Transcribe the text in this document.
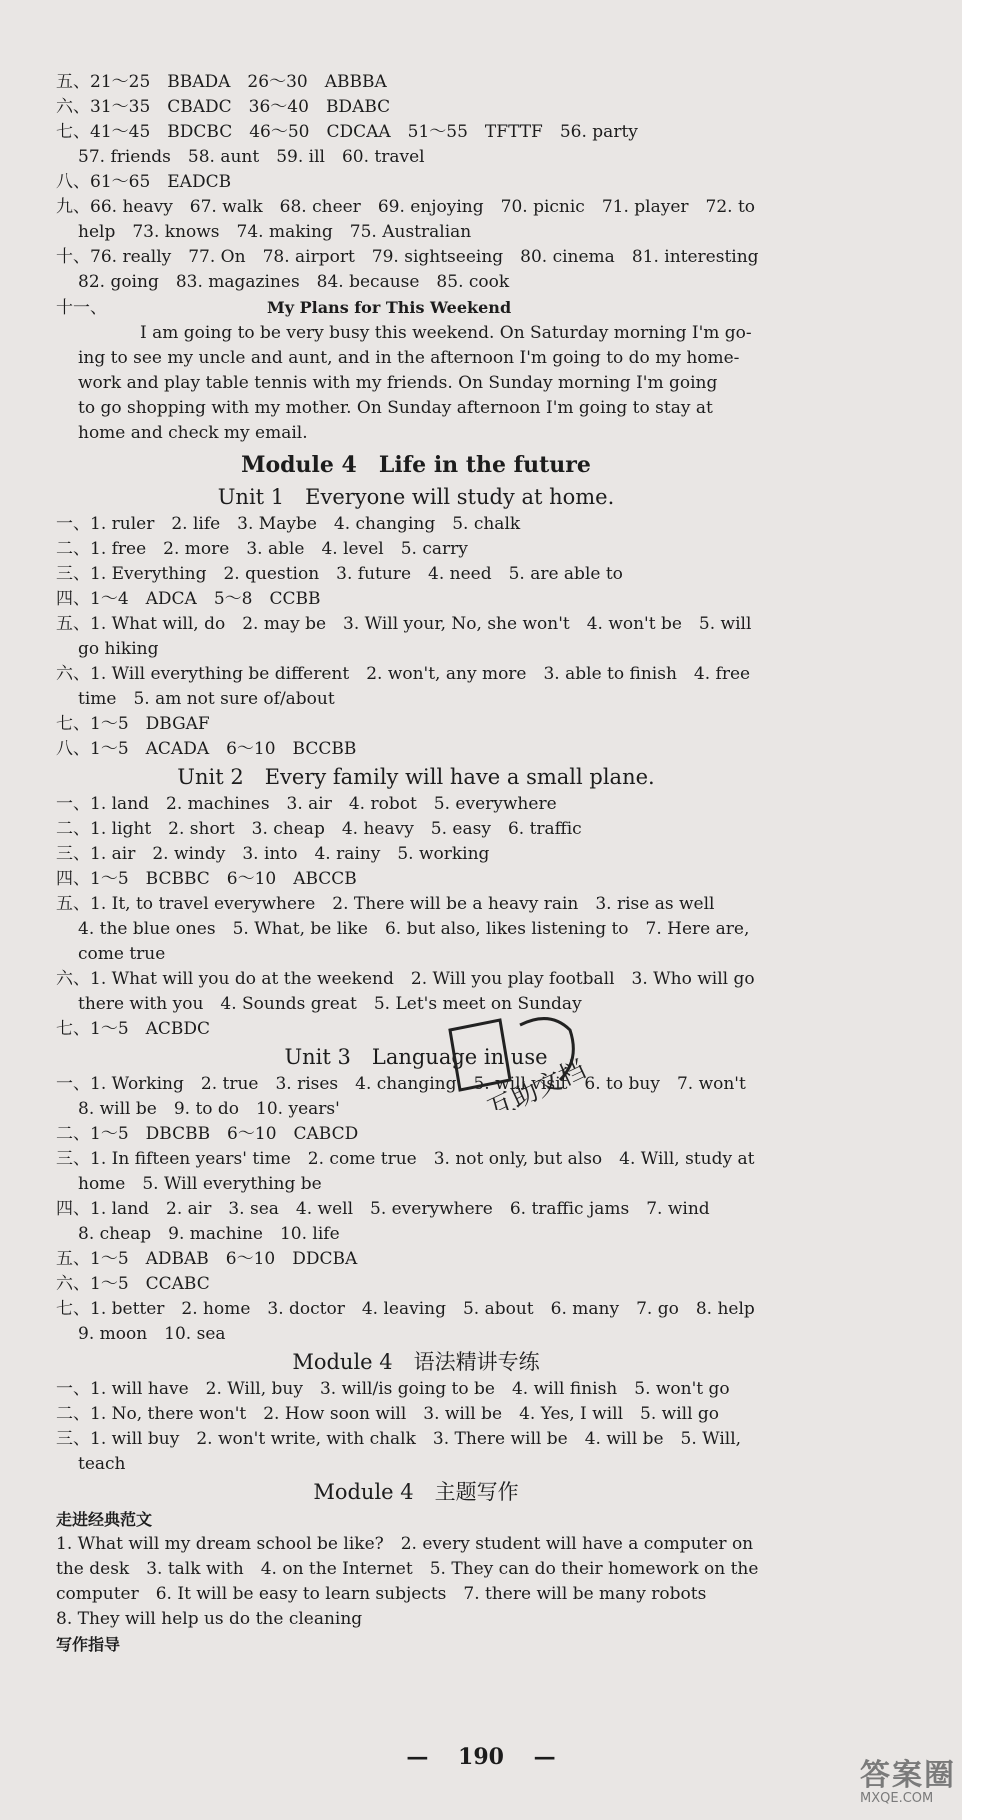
五、21～25　BBADA　26～30　ABBBA
六、31～35　CBADC　36～40　BDABC
七、41～45　BDCBC　46～50　CDCAA　51～55　TFTTF　56. party
57. friends　58. aunt　59. ill　60. travel
八、61～65　EADCB
九、66. heavy　67. walk　68. cheer　69. enjoying　70. picnic　71. player　72. to
help　73. knows　74. making　75. Australian
十、76. really　77. On　78. airport　79. sightseeing　80. cinema　81. interesting
82. going　83. magazines　84. because　85. cook
十一、	My Plans for This Weekend
I am going to be very busy this weekend. On Saturday morning I'm go-
ing to see my uncle and aunt, and in the afternoon I'm going to do my home-
work and play table tennis with my friends. On Sunday morning I'm going
to go shopping with my mother. On Sunday afternoon I'm going to stay at
home and check my email.
Module 4　Life in the future
Unit 1　Everyone will study at home.
一、1. ruler　2. life　3. Maybe　4. changing　5. chalk
二、1. free　2. more　3. able　4. level　5. carry
三、1. Everything　2. question　3. future　4. need　5. are able to
四、1～4　ADCA　5～8　CCBB
五、1. What will, do　2. may be　3. Will your, No, she won't　4. won't be　5. will
go hiking
六、1. Will everything be different　2. won't, any more　3. able to finish　4. free
time　5. am not sure of/about
七、1～5　DBGAF
八、1～5　ACADA　6～10　BCCBB
Unit 2　Every family will have a small plane.
一、1. land　2. machines　3. air　4. robot　5. everywhere
二、1. light　2. short　3. cheap　4. heavy　5. easy　6. traffic
三、1. air　2. windy　3. into　4. rainy　5. working
四、1～5　BCBBC　6～10　ABCCB
五、1. It, to travel everywhere　2. There will be a heavy rain　3. rise as well
4. the blue ones　5. What, be like　6. but also, likes listening to　7. Here are,
come true
六、1. What will you do at the weekend　2. Will you play football　3. Who will go
there with you　4. Sounds great　5. Let's meet on Sunday
七、1～5　ACBDC
Unit 3　Language in use
一、1. Working　2. true　3. rises　4. changing　5. will visit　6. to buy　7. won't
8. will be　9. to do　10. years'
二、1～5　DBCBB　6～10　CABCD
三、1. In fifteen years' time　2. come true　3. not only, but also　4. Will, study at
home　5. Will everything be
四、1. land　2. air　3. sea　4. well　5. everywhere　6. traffic jams　7. wind
8. cheap　9. machine　10. life
五、1～5　ADBAB　6～10　DDCBA
六、1～5　CCABC
七、1. better　2. home　3. doctor　4. leaving　5. about　6. many　7. go　8. help
9. moon　10. sea
Module 4　语法精讲专练
一、1. will have　2. Will, buy　3. will/is going to be　4. will finish　5. won't go
二、1. No, there won't　2. How soon will　3. will be　4. Yes, I will　5. will go
三、1. will buy　2. won't write, with chalk　3. There will be　4. will be　5. Will,
teach
Module 4　主题写作
走进经典范文
1. What will my dream school be like?　2. every student will have a computer on
the desk　3. talk with　4. on the Internet　5. They can do their homework on the
computer　6. It will be easy to learn subjects　7. there will be many robots
8. They will help us do the cleaning
写作指导
互助文档
— 190 —
答案圈
MXQE.COM
